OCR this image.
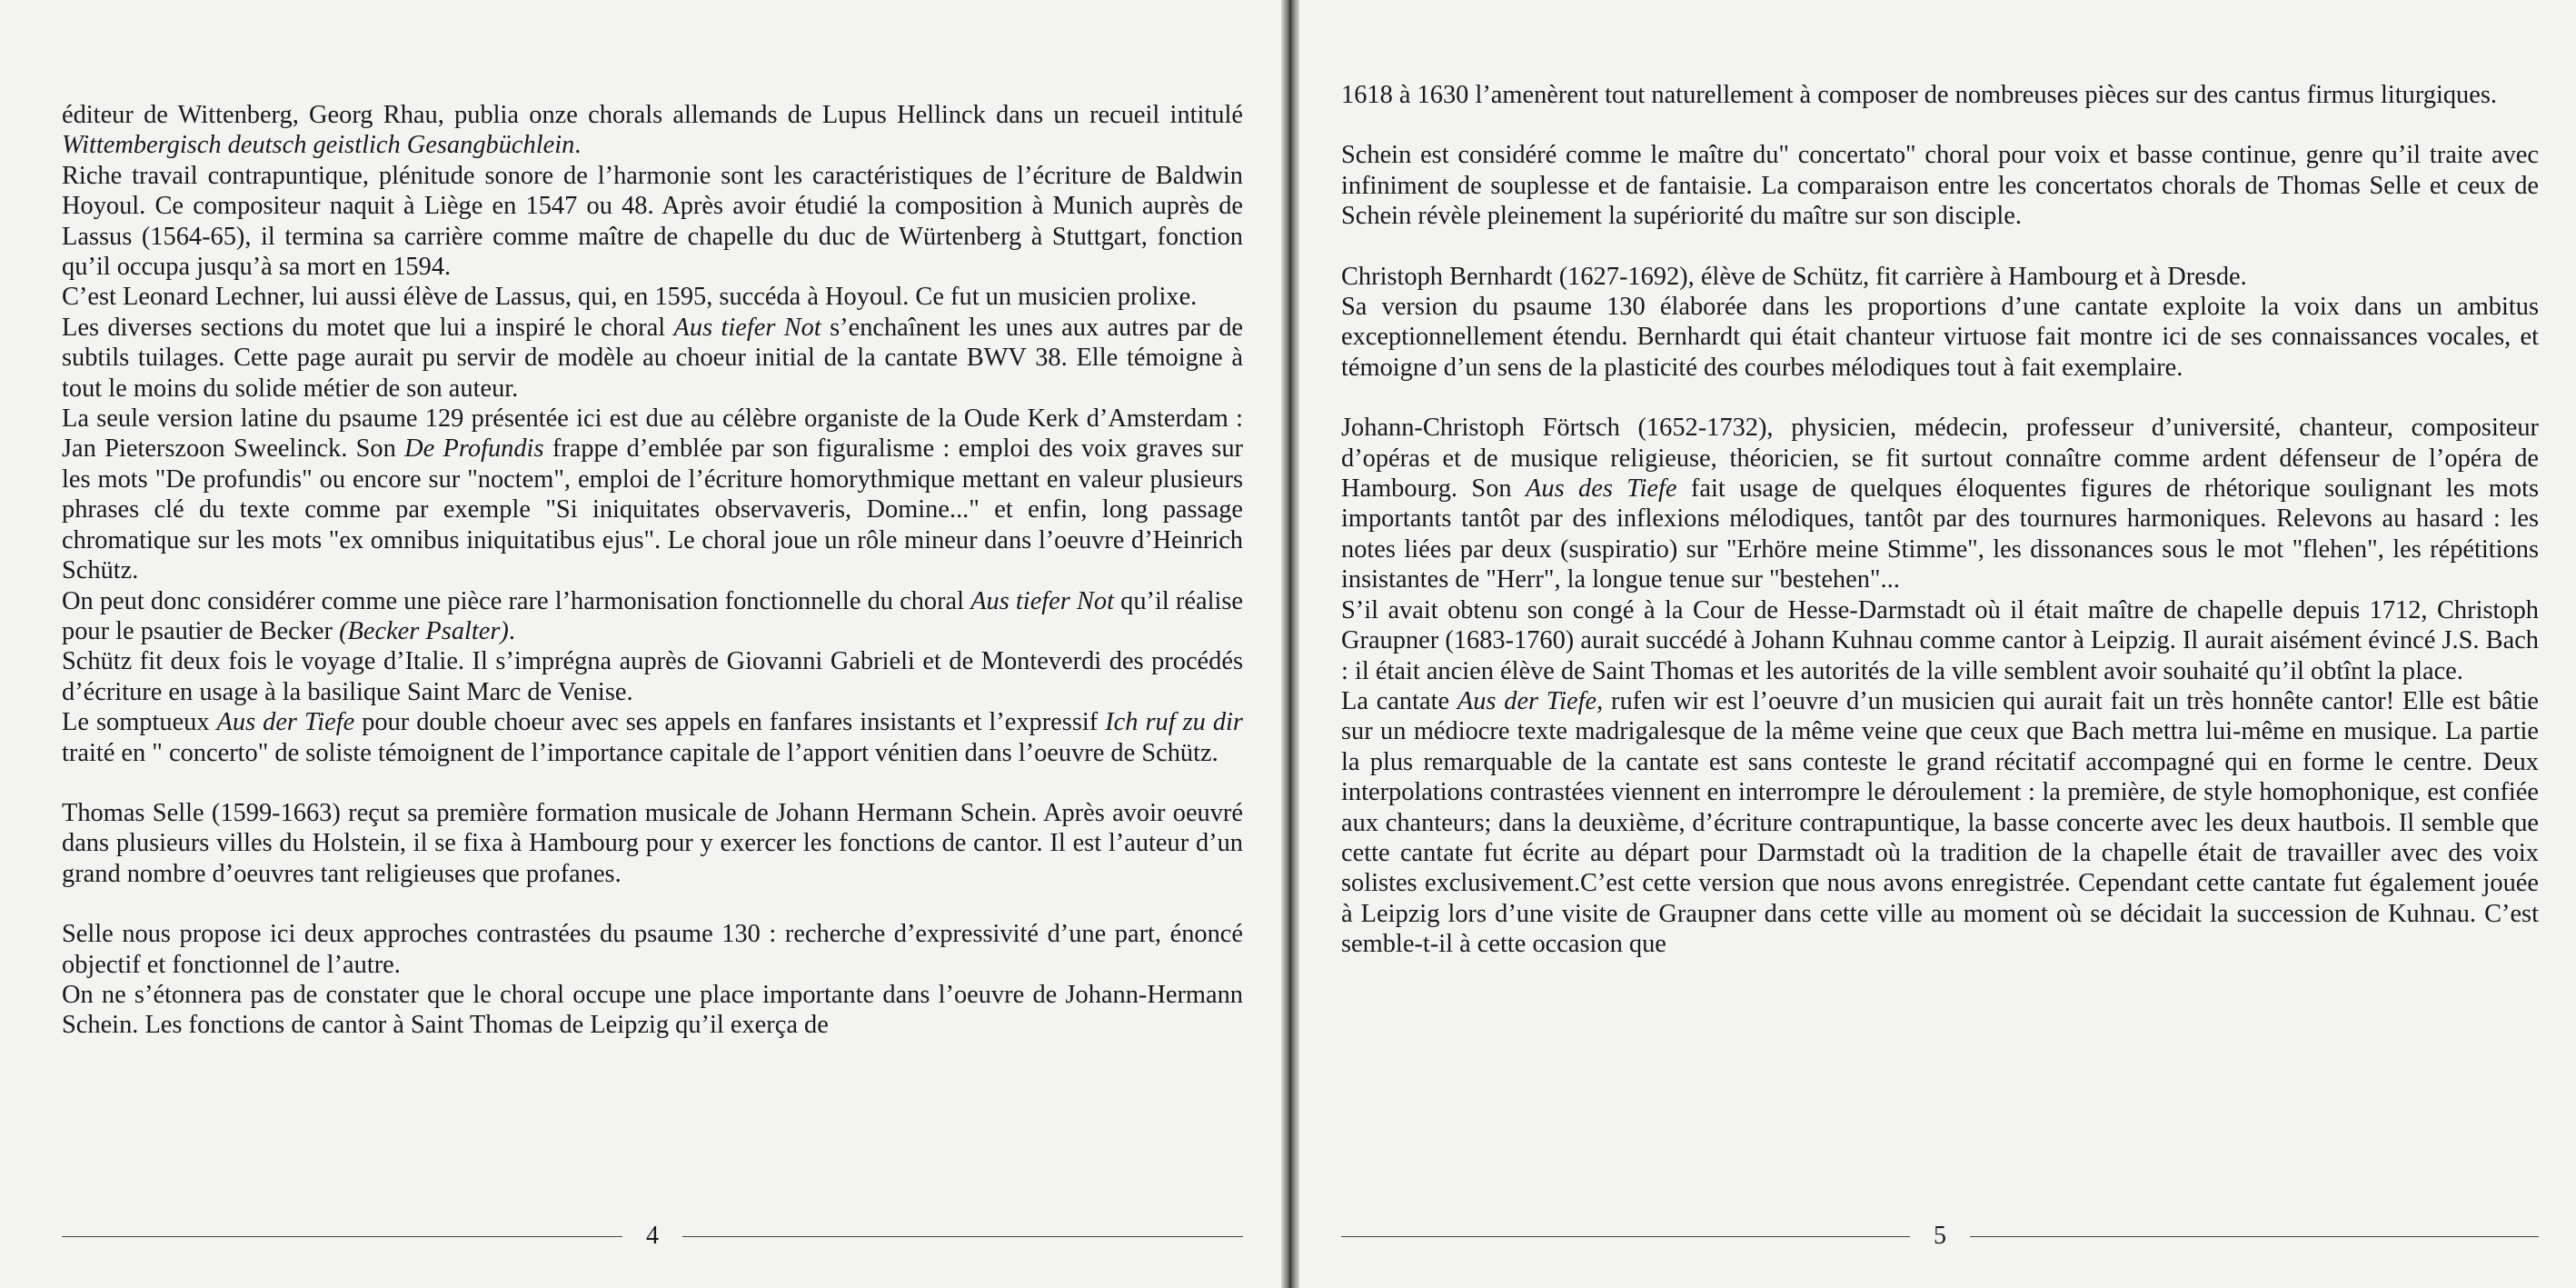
éditeur de Wittenberg, Georg Rhau, publia onze chorals allemands de Lupus Hellinck dans un recueil intitulé Wittembergisch deutsch geistlich Gesangbüchlein.

Riche travail contrapuntique, plénitude sonore de l’harmonie sont les caractéristiques de l’écriture de Baldwin Hoyoul. Ce compositeur naquit à Liège en 1547 ou 48. Après avoir étudié la composition à Munich auprès de Lassus (1564-65), il termina sa carrière comme maître de chapelle du duc de Würtenberg à Stuttgart, fonction qu’il occupa jusqu’à sa mort en 1594.

C’est Leonard Lechner, lui aussi élève de Lassus, qui, en 1595, succéda à Hoyoul. Ce fut un musicien prolixe.

Les diverses sections du motet que lui a inspiré le choral Aus tiefer Not s’enchaînent les unes aux autres par de subtils tuilages. Cette page aurait pu servir de modèle au choeur initial de la cantate BWV 38. Elle témoigne à tout le moins du solide métier de son auteur.

La seule version latine du psaume 129 présentée ici est due au célèbre organiste de la Oude Kerk d’Amsterdam : Jan Pieterszoon Sweelinck. Son De Profundis frappe d’emblée par son figuralisme : emploi des voix graves sur les mots "De profundis" ou encore sur "noctem", emploi de l’écriture homorythmique mettant en valeur plusieurs phrases clé du texte comme par exemple "Si iniquitates observaveris, Domine..." et enfin, long passage chromatique sur les mots "ex omnibus iniquitatibus ejus". Le choral joue un rôle mineur dans l’oeuvre d’Heinrich Schütz.

On peut donc considérer comme une pièce rare l’harmonisation fonctionnelle du choral Aus tiefer Not qu’il réalise pour le psautier de Becker (Becker Psalter).

Schütz fit deux fois le voyage d’Italie. Il s’imprégna auprès de Giovanni Gabrieli et de Monteverdi des procédés d’écriture en usage à la basilique Saint Marc de Venise.

Le somptueux Aus der Tiefe pour double choeur avec ses appels en fanfares insistants et l’expressif Ich ruf zu dir traité en " concerto" de soliste témoignent de l’importance capitale de l’apport vénitien dans l’oeuvre de Schütz.

Thomas Selle (1599-1663) reçut sa première formation musicale de Johann Hermann Schein. Après avoir oeuvré dans plusieurs villes du Holstein, il se fixa à Hambourg pour y exercer les fonctions de cantor. Il est l’auteur d’un grand nombre d’oeuvres tant religieuses que profanes.

Selle nous propose ici deux approches contrastées du psaume 130 : recherche d’expressivité d’une part, énoncé objectif et fonctionnel de l’autre.

On ne s’étonnera pas de constater que le choral occupe une place importante dans l’oeuvre de Johann-Hermann Schein. Les fonctions de cantor à Saint Thomas de Leipzig qu’il exerça de

4

1618 à 1630 l’amenèrent tout naturellement à composer de nombreuses pièces sur des cantus firmus liturgiques.

Schein est considéré comme le maître du" concertato" choral pour voix et basse continue, genre qu’il traite avec infiniment de souplesse et de fantaisie. La comparaison entre les concertatos chorals de Thomas Selle et ceux de Schein révèle pleinement la supériorité du maître sur son disciple.

Christoph Bernhardt (1627-1692), élève de Schütz, fit carrière à Hambourg et à Dresde.

Sa version du psaume 130 élaborée dans les proportions d’une cantate exploite la voix dans un ambitus exceptionnellement étendu. Bernhardt qui était chanteur virtuose fait montre ici de ses connaissances vocales, et témoigne d’un sens de la plasticité des courbes mélodiques tout à fait exemplaire.

Johann-Christoph Förtsch (1652-1732), physicien, médecin, professeur d’université, chanteur, compositeur d’opéras et de musique religieuse, théoricien, se fit surtout connaître comme ardent défenseur de l’opéra de Hambourg. Son Aus des Tiefe fait usage de quelques éloquentes figures de rhétorique soulignant les mots importants tantôt par des inflexions mélodiques, tantôt par des tournures harmoniques. Relevons au hasard : les notes liées par deux (suspiratio) sur "Erhöre meine Stimme", les dissonances sous le mot "flehen", les répétitions insistantes de "Herr", la longue tenue sur "bestehen"...

S’il avait obtenu son congé à la Cour de Hesse-Darmstadt où il était maître de chapelle depuis 1712, Christoph Graupner (1683-1760) aurait succédé à Johann Kuhnau comme cantor à Leipzig. Il aurait aisément évincé J.S. Bach : il était ancien élève de Saint Thomas et les autorités de la ville semblent avoir souhaité qu’il obtînt la place.

La cantate Aus der Tiefe, rufen wir est l’oeuvre d’un musicien qui aurait fait un très honnête cantor! Elle est bâtie sur un médiocre texte madrigalesque de la même veine que ceux que Bach mettra lui-même en musique. La partie la plus remarquable de la cantate est sans conteste le grand récitatif accompagné qui en forme le centre. Deux interpolations contrastées viennent en interrompre le déroulement : la première, de style homophonique, est confiée aux chanteurs; dans la deuxième, d’écriture contrapuntique, la basse concerte avec les deux hautbois. Il semble que cette cantate fut écrite au départ pour Darmstadt où la tradition de la chapelle était de travailler avec des voix solistes exclusivement.C’est cette version que nous avons enregistrée. Cependant cette cantate fut également jouée à Leipzig lors d’une visite de Graupner dans cette ville au moment où se décidait la succession de Kuhnau. C’est semble-t-il à cette occasion que

5
